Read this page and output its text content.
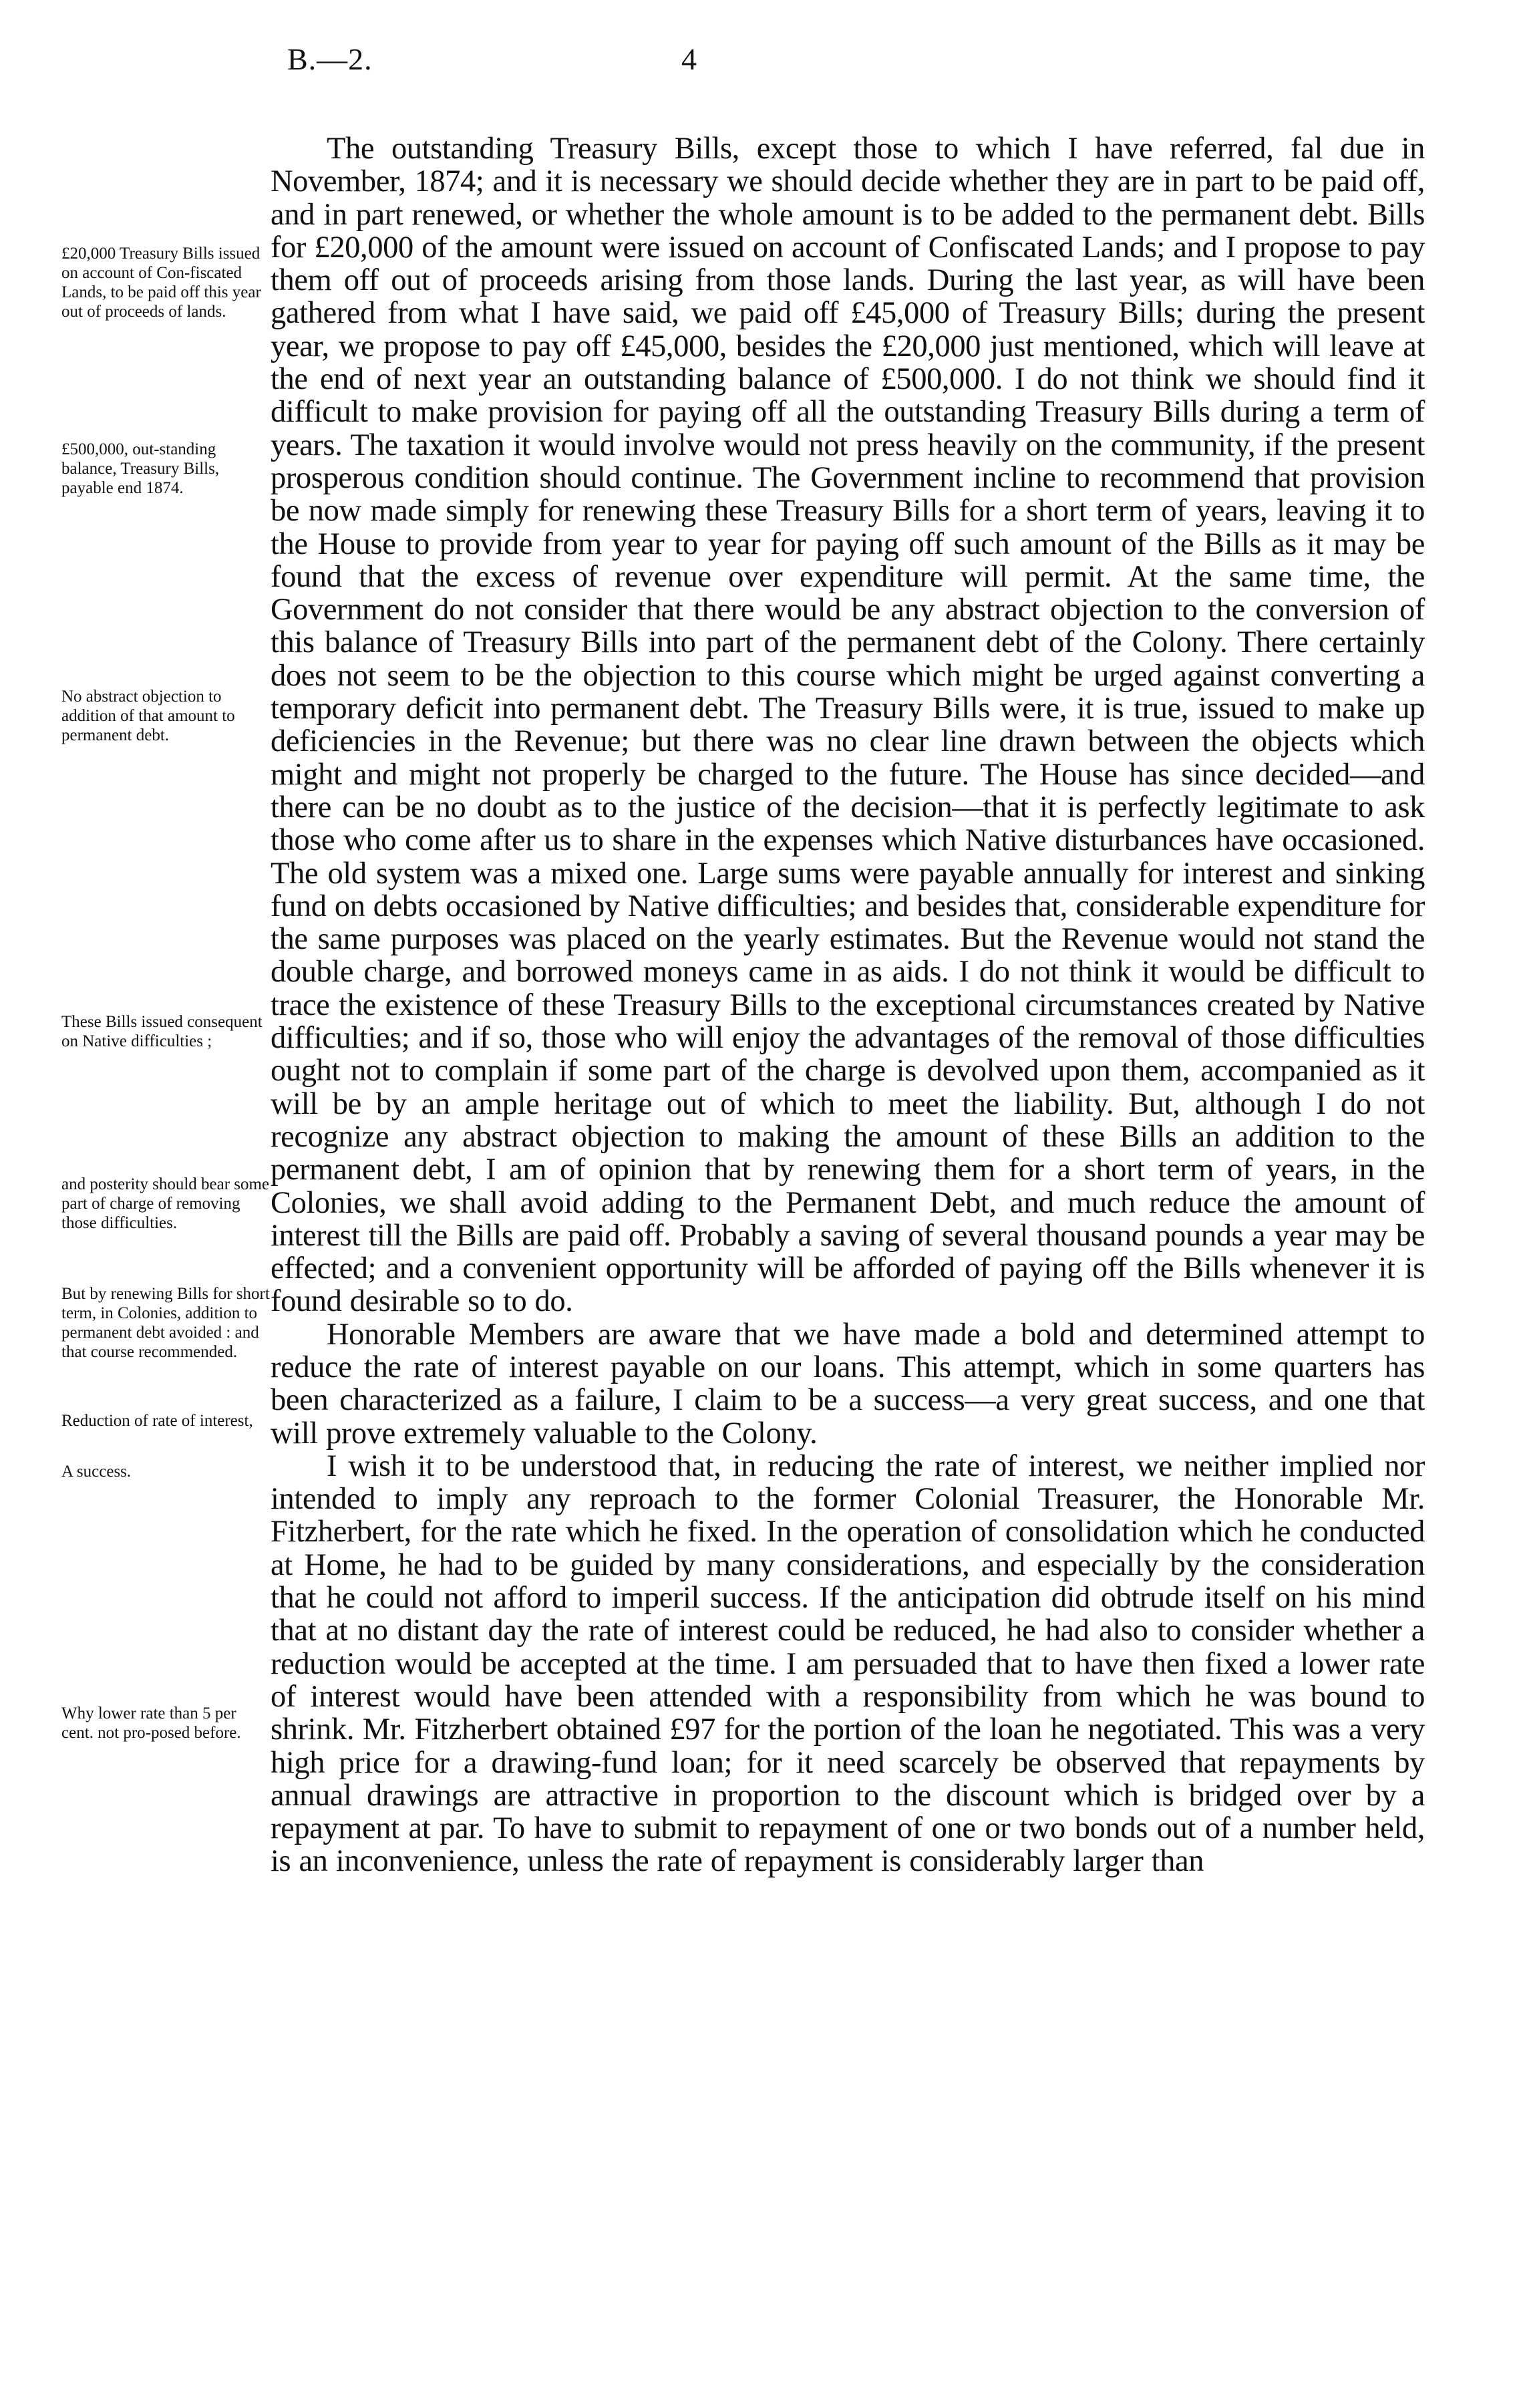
B.—2.	4
£20,000 Treasury Bills issued on account of Con-fiscated Lands, to be paid off this year out of proceeds of lands.
£500,000, out-standing balance, Treasury Bills, payable end 1874.
No abstract objection to addition of that amount to permanent debt.
These Bills issued consequent on Native difficulties ;
and posterity should bear some part of charge of removing those difficulties.
But by renewing Bills for short term, in Colonies, addition to permanent debt avoided : and that course recommended.
Reduction of rate of interest,
A success.
Why lower rate than 5 per cent. not pro-posed before.

The outstanding Treasury Bills, except those to which I have referred, fal due in November, 1874; and it is necessary we should decide whether they are in part to be paid off, and in part renewed, or whether the whole amount is to be added to the permanent debt. Bills for £20,000 of the amount were issued on account of Confiscated Lands; and I propose to pay them off out of proceeds arising from those lands. During the last year, as will have been gathered from what I have said, we paid off £45,000 of Treasury Bills; during the present year, we propose to pay off £45,000, besides the £20,000 just mentioned, which will leave at the end of next year an outstanding balance of £500,000. I do not think we should find it difficult to make provision for paying off all the outstanding Treasury Bills during a term of years. The taxation it would involve would not press heavily on the community, if the present prosperous condition should continue. The Government incline to recommend that provision be now made simply for renewing these Treasury Bills for a short term of years, leaving it to the House to provide from year to year for paying off such amount of the Bills as it may be found that the excess of revenue over expenditure will permit. At the same time, the Government do not consider that there would be any abstract objection to the conversion of this balance of Treasury Bills into part of the permanent debt of the Colony. There certainly does not seem to be the objection to this course which might be urged against converting a temporary deficit into permanent debt. The Treasury Bills were, it is true, issued to make up deficiencies in the Revenue; but there was no clear line drawn between the objects which might and might not properly be charged to the future. The House has since decided—and there can be no doubt as to the justice of the decision—that it is perfectly legitimate to ask those who come after us to share in the expenses which Native disturbances have occasioned. The old system was a mixed one. Large sums were payable annually for interest and sinking fund on debts occasioned by Native difficulties; and besides that, considerable expenditure for the same purposes was placed on the yearly estimates. But the Revenue would not stand the double charge, and borrowed moneys came in as aids. I do not think it would be difficult to trace the existence of these Treasury Bills to the exceptional circumstances created by Native difficulties; and if so, those who will enjoy the advantages of the removal of those difficulties ought not to complain if some part of the charge is devolved upon them, accompanied as it will be by an ample heritage out of which to meet the liability. But, although I do not recognize any abstract objection to making the amount of these Bills an addition to the permanent debt, I am of opinion that by renewing them for a short term of years, in the Colonies, we shall avoid adding to the Permanent Debt, and much reduce the amount of interest till the Bills are paid off. Probably a saving of several thousand pounds a year may be effected; and a convenient opportunity will be afforded of paying off the Bills whenever it is found desirable so to do.

Honorable Members are aware that we have made a bold and determined attempt to reduce the rate of interest payable on our loans. This attempt, which in some quarters has been characterized as a failure, I claim to be a success—a very great success, and one that will prove extremely valuable to the Colony.

I wish it to be understood that, in reducing the rate of interest, we neither implied nor intended to imply any reproach to the former Colonial Treasurer, the Honorable Mr. Fitzherbert, for the rate which he fixed. In the operation of consolidation which he conducted at Home, he had to be guided by many considerations, and especially by the consideration that he could not afford to imperil success. If the anticipation did obtrude itself on his mind that at no distant day the rate of interest could be reduced, he had also to consider whether a reduction would be accepted at the time. I am persuaded that to have then fixed a lower rate of interest would have been attended with a responsibility from which he was bound to shrink. Mr. Fitzherbert obtained £97 for the portion of the loan he negotiated. This was a very high price for a drawing-fund loan; for it need scarcely be observed that repayments by annual drawings are attractive in proportion to the discount which is bridged over by a repayment at par. To have to submit to repayment of one or two bonds out of a number held, is an inconvenience, unless the rate of repayment is considerably larger than
